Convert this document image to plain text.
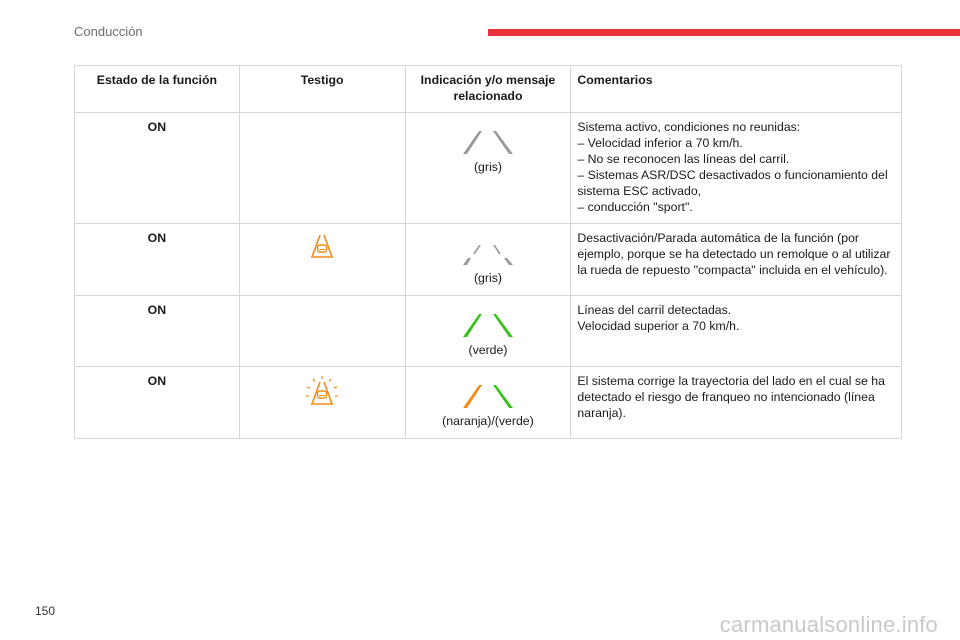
Conducción
Estado de la función	Testigo	Indicación y/o mensaje relacionado	Comentarios
ON		(gris)	Sistema activo, condiciones no reunidas:
– Velocidad inferior a 70 km/h.
– No se reconocen las líneas del carril.
– Sistemas ASR/DSC desactivados o funcionamiento del sistema ESC activado,
– conducción "sport".

ON		(gris)	Desactivación/Parada automática de la función (por ejemplo, porque se ha detectado un remolque o al utilizar la rueda de repuesto "compacta" incluida en el vehículo).

ON		(verde)	Líneas del carril detectadas.
Velocidad superior a 70 km/h.

ON		(naranja)/(verde)	El sistema corrige la trayectoria del lado en el cual se ha detectado el riesgo de franqueo no intencionado (línea naranja).
150
carmanualsonline.info
